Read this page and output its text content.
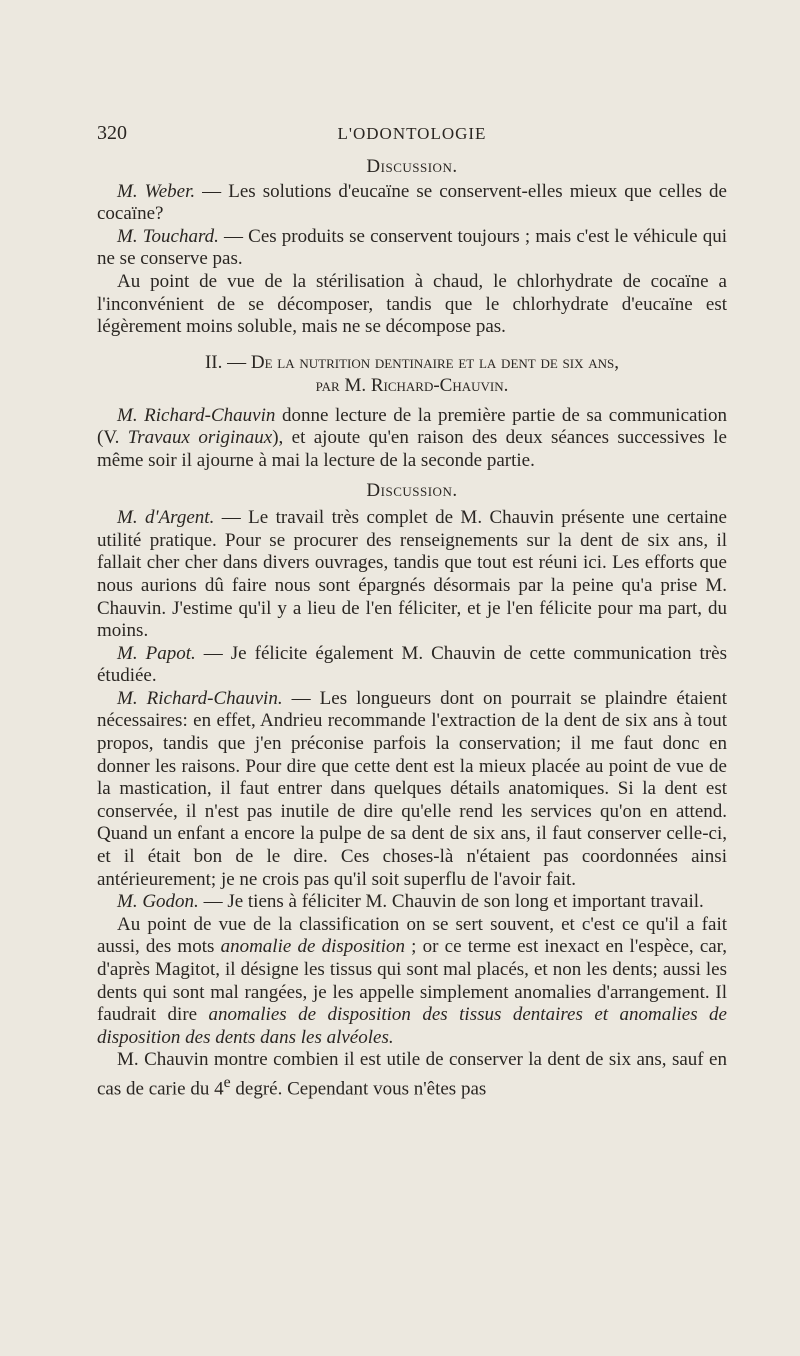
320	L'ODONTOLOGIE
Discussion.

M. Weber. — Les solutions d'eucaïne se conservent-elles mieux que celles de cocaïne?

M. Touchard. — Ces produits se conservent toujours ; mais c'est le véhicule qui ne se conserve pas.

Au point de vue de la stérilisation à chaud, le chlorhydrate de cocaïne a l'inconvénient de se décomposer, tandis que le chlorhydrate d'eucaïne est légèrement moins soluble, mais ne se décompose pas.

II. — De la nutrition dentinaire et la dent de six ans,
par M. Richard-Chauvin.

M. Richard-Chauvin donne lecture de la première partie de sa communication (V. Travaux originaux), et ajoute qu'en raison des deux séances successives le même soir il ajourne à mai la lecture de la seconde partie.

Discussion.

M. d'Argent. — Le travail très complet de M. Chauvin présente une certaine utilité pratique. Pour se procurer des renseignements sur la dent de six ans, il fallait cher cher dans divers ouvrages, tandis que tout est réuni ici. Les efforts que nous aurions dû faire nous sont épargnés désormais par la peine qu'a prise M. Chauvin. J'estime qu'il y a lieu de l'en féliciter, et je l'en félicite pour ma part, du moins.

M. Papot. — Je félicite également M. Chauvin de cette communication très étudiée.

M. Richard-Chauvin. — Les longueurs dont on pourrait se plaindre étaient nécessaires: en effet, Andrieu recommande l'extraction de la dent de six ans à tout propos, tandis que j'en préconise parfois la conservation; il me faut donc en donner les raisons. Pour dire que cette dent est la mieux placée au point de vue de la mastication, il faut entrer dans quelques détails anatomiques. Si la dent est conservée, il n'est pas inutile de dire qu'elle rend les services qu'on en attend. Quand un enfant a encore la pulpe de sa dent de six ans, il faut conserver celle-ci, et il était bon de le dire. Ces choses-là n'étaient pas coordonnées ainsi antérieurement; je ne crois pas qu'il soit superflu de l'avoir fait.

M. Godon. — Je tiens à féliciter M. Chauvin de son long et important travail.

Au point de vue de la classification on se sert souvent, et c'est ce qu'il a fait aussi, des mots anomalie de disposition ; or ce terme est inexact en l'espèce, car, d'après Magitot, il désigne les tissus qui sont mal placés, et non les dents; aussi les dents qui sont mal rangées, je les appelle simplement anomalies d'arrangement. Il faudrait dire anomalies de disposition des tissus dentaires et anomalies de disposition des dents dans les alvéoles.

M. Chauvin montre combien il est utile de conserver la dent de six ans, sauf en cas de carie du 4e degré. Cependant vous n'êtes pas
